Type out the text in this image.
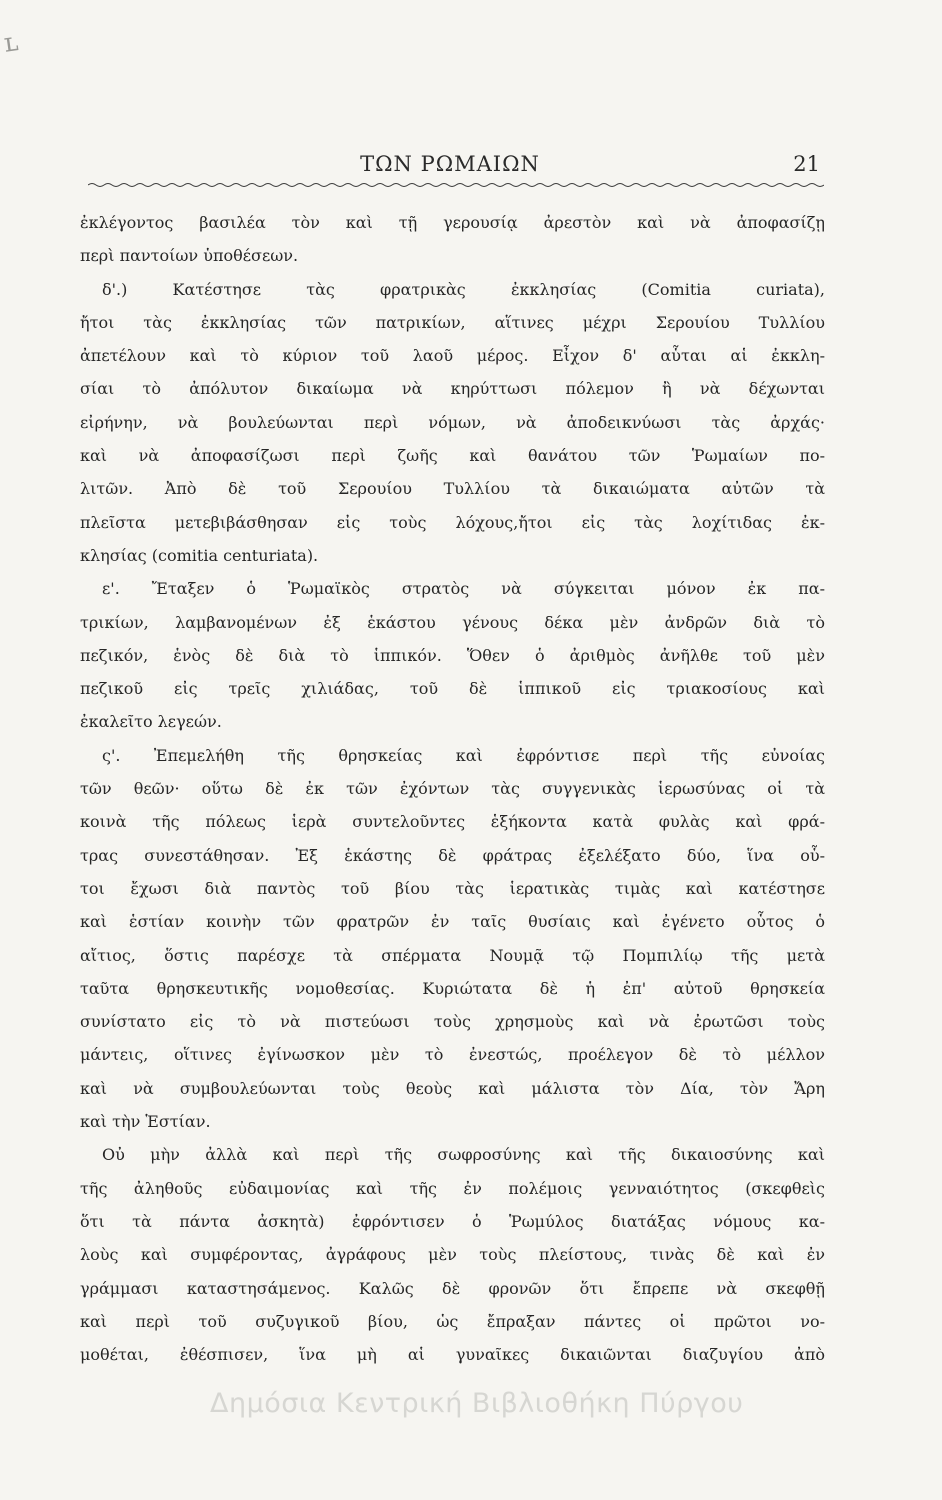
ʟ
ΤΩΝ ΡΩΜΑΙΩΝ	21
ἐκλέγοντος βασιλέα τὸν καὶ τῇ γερουσίᾳ ἀρεστὸν καὶ νὰ ἀποφασίζῃ
περὶ παντοίων ὑποθέσεων.
δ'.) Κατέστησε τὰς φρατρικὰς ἐκκλησίας (Comitia curiata),
ἤτοι τὰς ἐκκλησίας τῶν πατρικίων, αἵτινες μέχρι Σερουίου Τυλλίου
ἀπετέλουν καὶ τὸ κύριον τοῦ λαοῦ μέρος. Εἶχον δ' αὗται αἱ ἐκκλη-
σίαι τὸ ἀπόλυτον δικαίωμα νὰ κηρύττωσι πόλεμον ἢ νὰ δέχωνται
εἰρήνην, νὰ βουλεύωνται περὶ νόμων, νὰ ἀποδεικνύωσι τὰς ἀρχάς·
καὶ νὰ ἀποφασίζωσι περὶ ζωῆς καὶ θανάτου τῶν Ῥωμαίων πο-
λιτῶν. Ἀπὸ δὲ τοῦ Σερουίου Τυλλίου τὰ δικαιώματα αὐτῶν τὰ
πλεῖστα μετεβιβάσθησαν εἰς τοὺς λόχους,ἤτοι εἰς τὰς λοχίτιδας ἐκ-
κλησίας (comitia centuriata).
ε'. Ἔταξεν ὁ Ῥωμαϊκὸς στρατὸς νὰ σύγκειται μόνον ἐκ πα-
τρικίων, λαμβανομένων ἐξ ἑκάστου γένους δέκα μὲν ἀνδρῶν διὰ τὸ
πεζικόν, ἑνὸς δὲ διὰ τὸ ἱππικόν. Ὅθεν ὁ ἀριθμὸς ἀνῆλθε τοῦ μὲν
πεζικοῦ εἰς τρεῖς χιλιάδας, τοῦ δὲ ἱππικοῦ εἰς τριακοσίους καὶ
ἐκαλεῖτο λεγεών.
ς'. Ἐπεμελήθη τῆς θρησκείας καὶ ἐφρόντισε περὶ τῆς εὐνοίας
τῶν θεῶν· οὕτω δὲ ἐκ τῶν ἐχόντων τὰς συγγενικὰς ἱερωσύνας οἱ τὰ
κοινὰ τῆς πόλεως ἱερὰ συντελοῦντες ἑξήκοντα κατὰ φυλὰς καὶ φρά-
τρας συνεστάθησαν. Ἐξ ἑκάστης δὲ φράτρας ἐξελέξατο δύο, ἵνα οὗ-
τοι ἔχωσι διὰ παντὸς τοῦ βίου τὰς ἱερατικὰς τιμὰς καὶ κατέστησε
καὶ ἑστίαν κοινὴν τῶν φρατρῶν ἐν ταῖς θυσίαις καὶ ἐγένετο οὗτος ὁ
αἴτιος, ὅστις παρέσχε τὰ σπέρματα Νουμᾷ τῷ Πομπιλίῳ τῆς μετὰ
ταῦτα θρησκευτικῆς νομοθεσίας. Κυριώτατα δὲ ἡ ἐπ' αὐτοῦ θρησκεία
συνίστατο εἰς τὸ νὰ πιστεύωσι τοὺς χρησμοὺς καὶ νὰ ἐρωτῶσι τοὺς
μάντεις, οἵτινες ἐγίνωσκον μὲν τὸ ἐνεστώς, προέλεγον δὲ τὸ μέλλον
καὶ νὰ συμβουλεύωνται τοὺς θεοὺς καὶ μάλιστα τὸν Δία, τὸν Ἄρη
καὶ τὴν Ἑστίαν.
Οὐ μὴν ἀλλὰ καὶ περὶ τῆς σωφροσύνης καὶ τῆς δικαιοσύνης καὶ
τῆς ἀληθοῦς εὐδαιμονίας καὶ τῆς ἐν πολέμοις γενναιότητος (σκεφθεὶς
ὅτι τὰ πάντα ἀσκητὰ) ἐφρόντισεν ὁ Ῥωμύλος διατάξας νόμους κα-
λοὺς καὶ συμφέροντας, ἀγράφους μὲν τοὺς πλείστους, τινὰς δὲ καὶ ἐν
γράμμασι καταστησάμενος. Καλῶς δὲ φρονῶν ὅτι ἔπρεπε νὰ σκεφθῇ
καὶ περὶ τοῦ συζυγικοῦ βίου, ὡς ἔπραξαν πάντες οἱ πρῶτοι νο-
μοθέται, ἐθέσπισεν, ἵνα μὴ αἱ γυναῖκες δικαιῶνται διαζυγίου ἀπὸ
Δημόσια Κεντρική Βιβλιοθήκη Πύργου
